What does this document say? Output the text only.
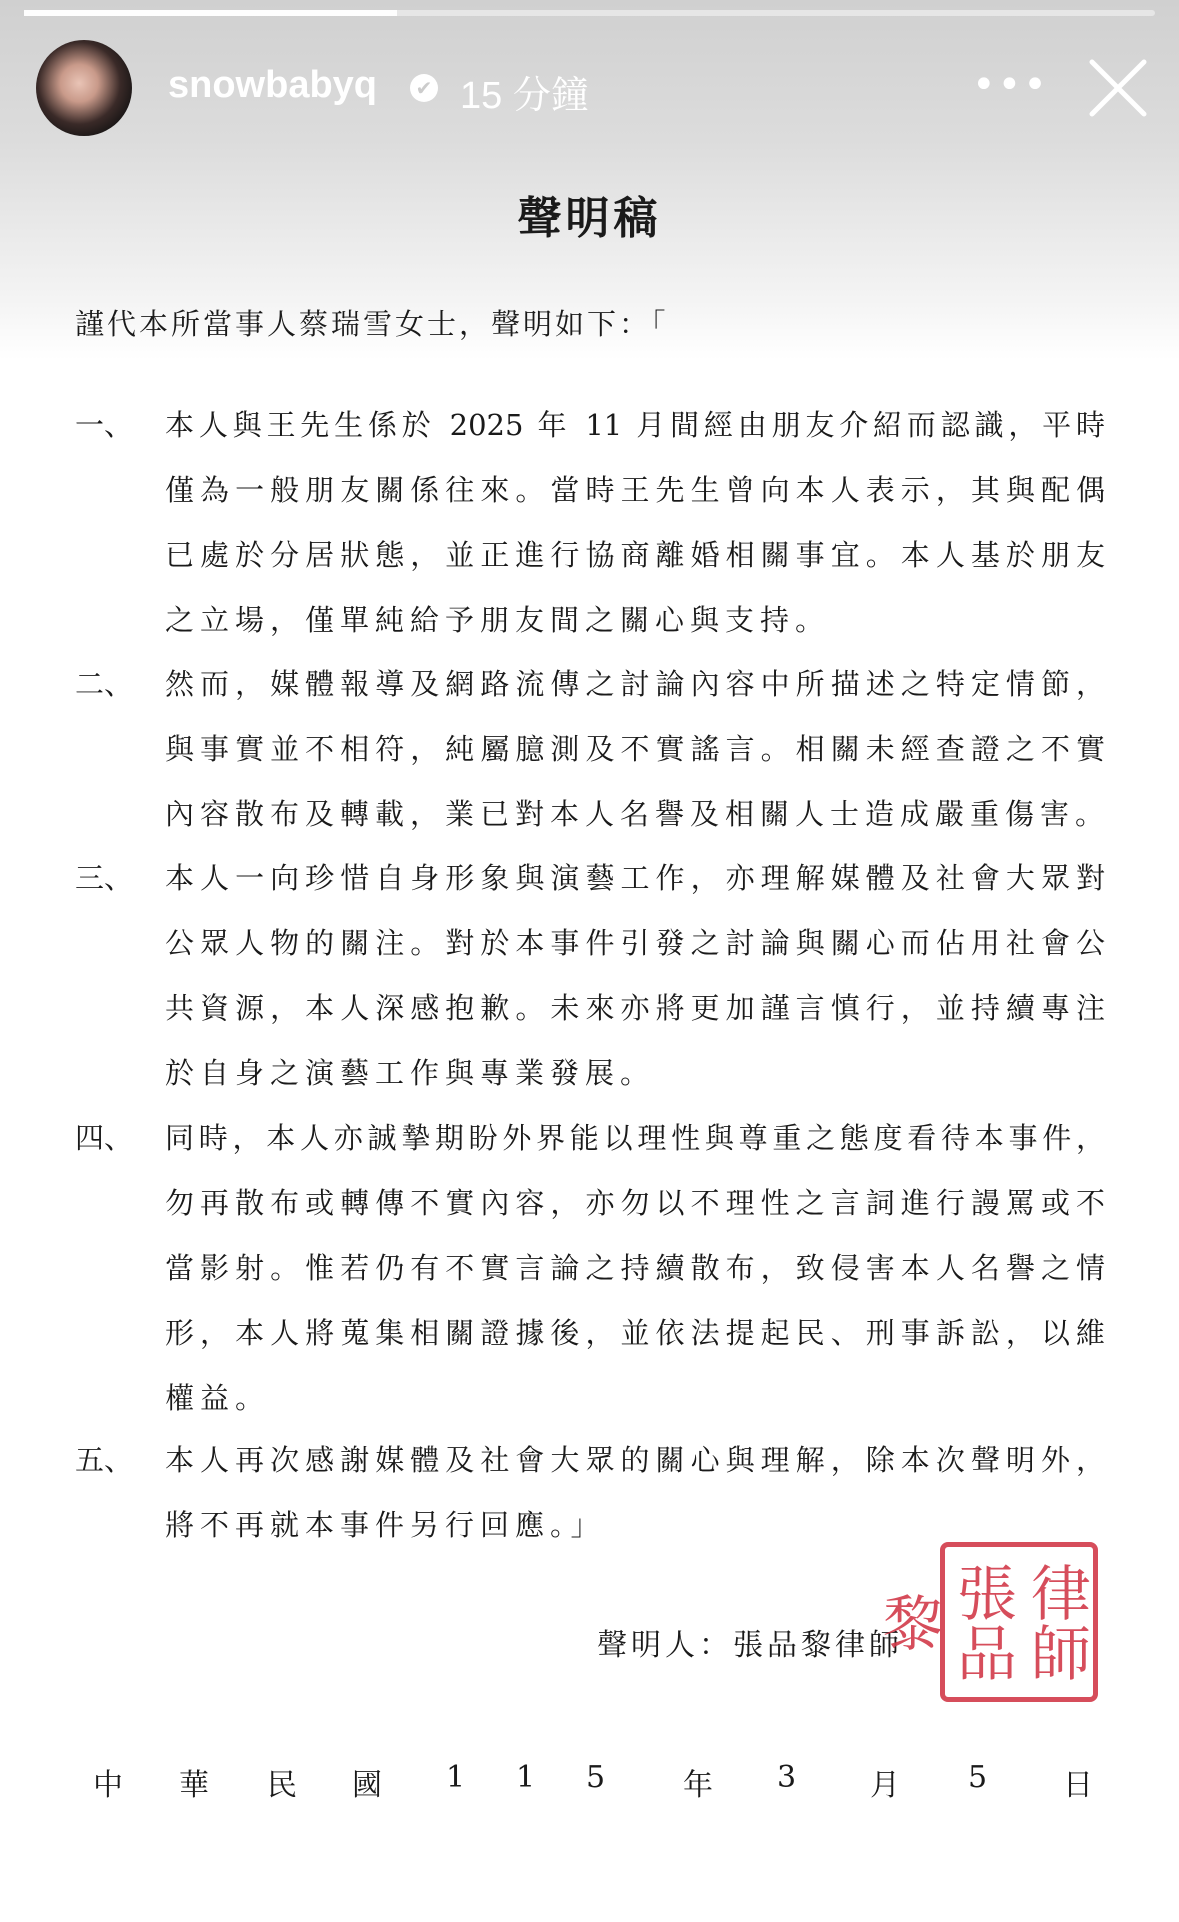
snowbabyq ✔ 15 分鐘	•••
聲明稿
謹代本所當事人蔡瑞雪女士，聲明如下：「
一、 本人與王先生係於 2025 年 11 月間經由朋友介紹而認識，平時
僅為一般朋友關係往來。當時王先生曾向本人表示，其與配偶
已處於分居狀態，並正進行協商離婚相關事宜。本人基於朋友
之立場，僅單純給予朋友間之關心與支持。
二、 然而，媒體報導及網路流傳之討論內容中所描述之特定情節，
與事實並不相符，純屬臆測及不實謠言。相關未經查證之不實
內容散布及轉載，業已對本人名譽及相關人士造成嚴重傷害。
三、 本人一向珍惜自身形象與演藝工作，亦理解媒體及社會大眾對
公眾人物的關注。對於本事件引發之討論與關心而佔用社會公
共資源，本人深感抱歉。未來亦將更加謹言慎行，並持續專注
於自身之演藝工作與專業發展。
四、 同時，本人亦誠摯期盼外界能以理性與尊重之態度看待本事件，
勿再散布或轉傳不實內容，亦勿以不理性之言詞進行謾罵或不
當影射。惟若仍有不實言論之持續散布，致侵害本人名譽之情
形，本人將蒐集相關證據後，並依法提起民、刑事訴訟，以維
權益。
五、 本人再次感謝媒體及社會大眾的關心與理解，除本次聲明外，
將不再就本事件另行回應。」
聲明人：張品黎律師	律師張品黎
中 華 民 國 1 1 5	年 3 月 5	日
